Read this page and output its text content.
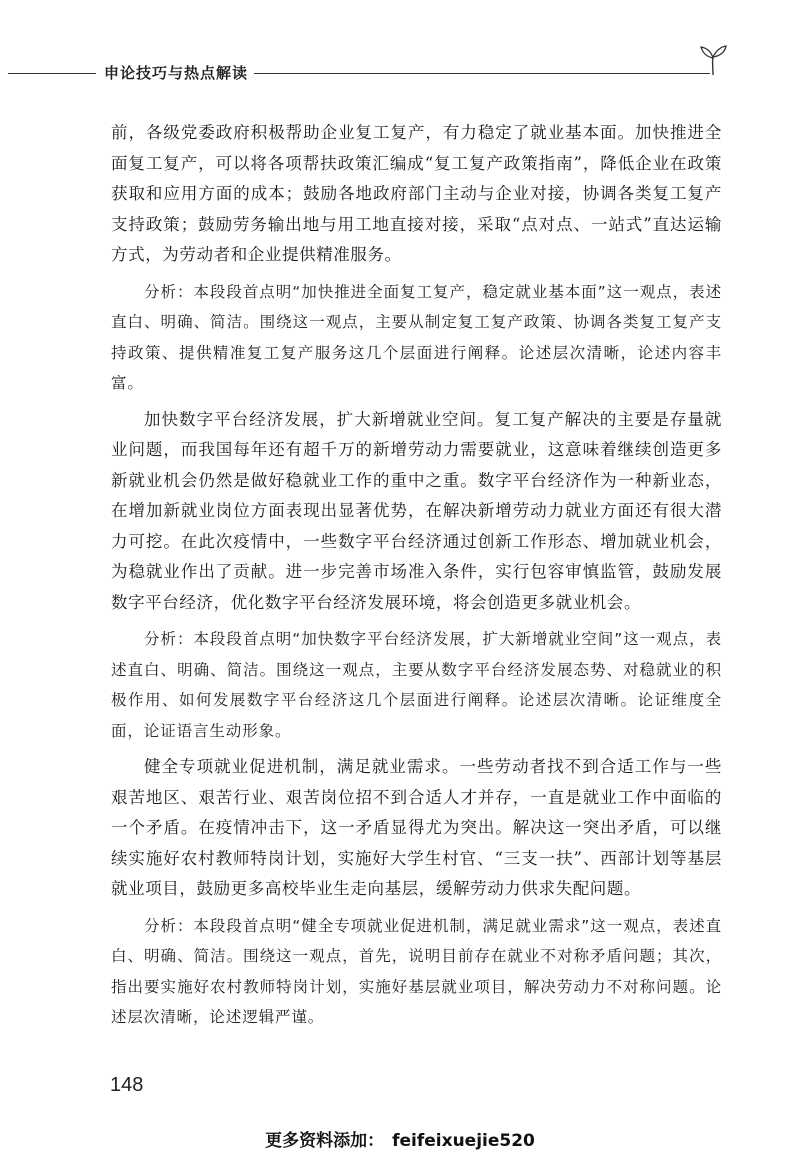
申论技巧与热点解读

前，各级党委政府积极帮助企业复工复产，有力稳定了就业基本面。加快推进全面复工复产，可以将各项帮扶政策汇编成“复工复产政策指南”，降低企业在政策获取和应用方面的成本；鼓励各地政府部门主动与企业对接，协调各类复工复产支持政策；鼓励劳务输出地与用工地直接对接，采取“点对点、一站式”直达运输方式，为劳动者和企业提供精准服务。

分析：本段段首点明“加快推进全面复工复产，稳定就业基本面”这一观点，表述直白、明确、简洁。围绕这一观点，主要从制定复工复产政策、协调各类复工复产支持政策、提供精准复工复产服务这几个层面进行阐释。论述层次清晰，论述内容丰富。

加快数字平台经济发展，扩大新增就业空间。复工复产解决的主要是存量就业问题，而我国每年还有超千万的新增劳动力需要就业，这意味着继续创造更多新就业机会仍然是做好稳就业工作的重中之重。数字平台经济作为一种新业态，在增加新就业岗位方面表现出显著优势，在解决新增劳动力就业方面还有很大潜力可挖。在此次疫情中，一些数字平台经济通过创新工作形态、增加就业机会，为稳就业作出了贡献。进一步完善市场准入条件，实行包容审慎监管，鼓励发展数字平台经济，优化数字平台经济发展环境，将会创造更多就业机会。

分析：本段段首点明“加快数字平台经济发展，扩大新增就业空间”这一观点，表述直白、明确、简洁。围绕这一观点，主要从数字平台经济发展态势、对稳就业的积极作用、如何发展数字平台经济这几个层面进行阐释。论述层次清晰。论证维度全面，论证语言生动形象。

健全专项就业促进机制，满足就业需求。一些劳动者找不到合适工作与一些艰苦地区、艰苦行业、艰苦岗位招不到合适人才并存，一直是就业工作中面临的一个矛盾。在疫情冲击下，这一矛盾显得尤为突出。解决这一突出矛盾，可以继续实施好农村教师特岗计划，实施好大学生村官、“三支一扶”、西部计划等基层就业项目，鼓励更多高校毕业生走向基层，缓解劳动力供求失配问题。

分析：本段段首点明“健全专项就业促进机制，满足就业需求”这一观点，表述直白、明确、简洁。围绕这一观点，首先，说明目前存在就业不对称矛盾问题；其次，指出要实施好农村教师特岗计划，实施好基层就业项目，解决劳动力不对称问题。论述层次清晰，论述逻辑严谨。

148
更多资料添加： feifeixuejie520
